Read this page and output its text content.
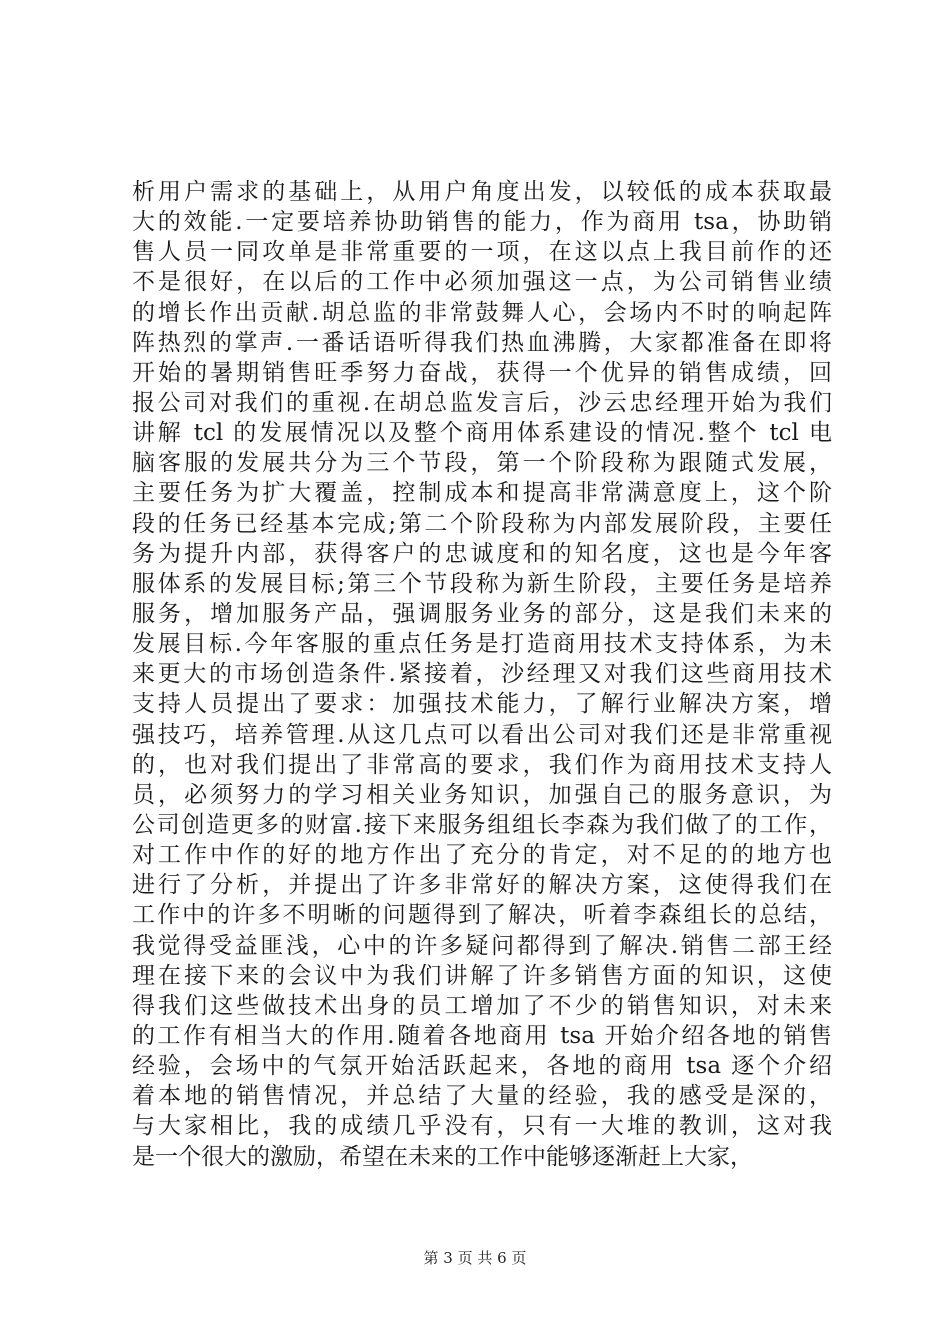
析用户需求的基础上，从用户角度出发，以较低的成本获取最
大的效能.一定要培养协助销售的能力，作为商用 tsa，协助销
售人员一同攻单是非常重要的一项，在这以点上我目前作的还
不是很好，在以后的工作中必须加强这一点，为公司销售业绩
的增长作出贡献.胡总监的非常鼓舞人心，会场内不时的响起阵
阵热烈的掌声.一番话语听得我们热血沸腾，大家都准备在即将
开始的暑期销售旺季努力奋战，获得一个优异的销售成绩，回
报公司对我们的重视.在胡总监发言后，沙云忠经理开始为我们
讲解 tcl 的发展情况以及整个商用体系建设的情况.整个 tcl 电
脑客服的发展共分为三个节段，第一个阶段称为跟随式发展，
主要任务为扩大覆盖，控制成本和提高非常满意度上，这个阶
段的任务已经基本完成;第二个阶段称为内部发展阶段，主要任
务为提升内部，获得客户的忠诚度和的知名度，这也是今年客
服体系的发展目标;第三个节段称为新生阶段，主要任务是培养
服务，增加服务产品，强调服务业务的部分，这是我们未来的
发展目标.今年客服的重点任务是打造商用技术支持体系，为未
来更大的市场创造条件.紧接着，沙经理又对我们这些商用技术
支持人员提出了要求：加强技术能力，了解行业解决方案，增
强技巧，培养管理.从这几点可以看出公司对我们还是非常重视
的，也对我们提出了非常高的要求，我们作为商用技术支持人
员，必须努力的学习相关业务知识，加强自己的服务意识，为
公司创造更多的财富.接下来服务组组长李森为我们做了的工作，
对工作中作的好的地方作出了充分的肯定，对不足的的地方也
进行了分析，并提出了许多非常好的解决方案，这使得我们在
工作中的许多不明晰的问题得到了解决，听着李森组长的总结，
我觉得受益匪浅，心中的许多疑问都得到了解决.销售二部王经
理在接下来的会议中为我们讲解了许多销售方面的知识，这使
得我们这些做技术出身的员工增加了不少的销售知识，对未来
的工作有相当大的作用.随着各地商用 tsa 开始介绍各地的销售
经验，会场中的气氛开始活跃起来，各地的商用 tsa 逐个介绍
着本地的销售情况，并总结了大量的经验，我的感受是深的，
与大家相比，我的成绩几乎没有，只有一大堆的教训，这对我
是一个很大的激励，希望在未来的工作中能够逐渐赶上大家，
第 3 页 共 6 页
